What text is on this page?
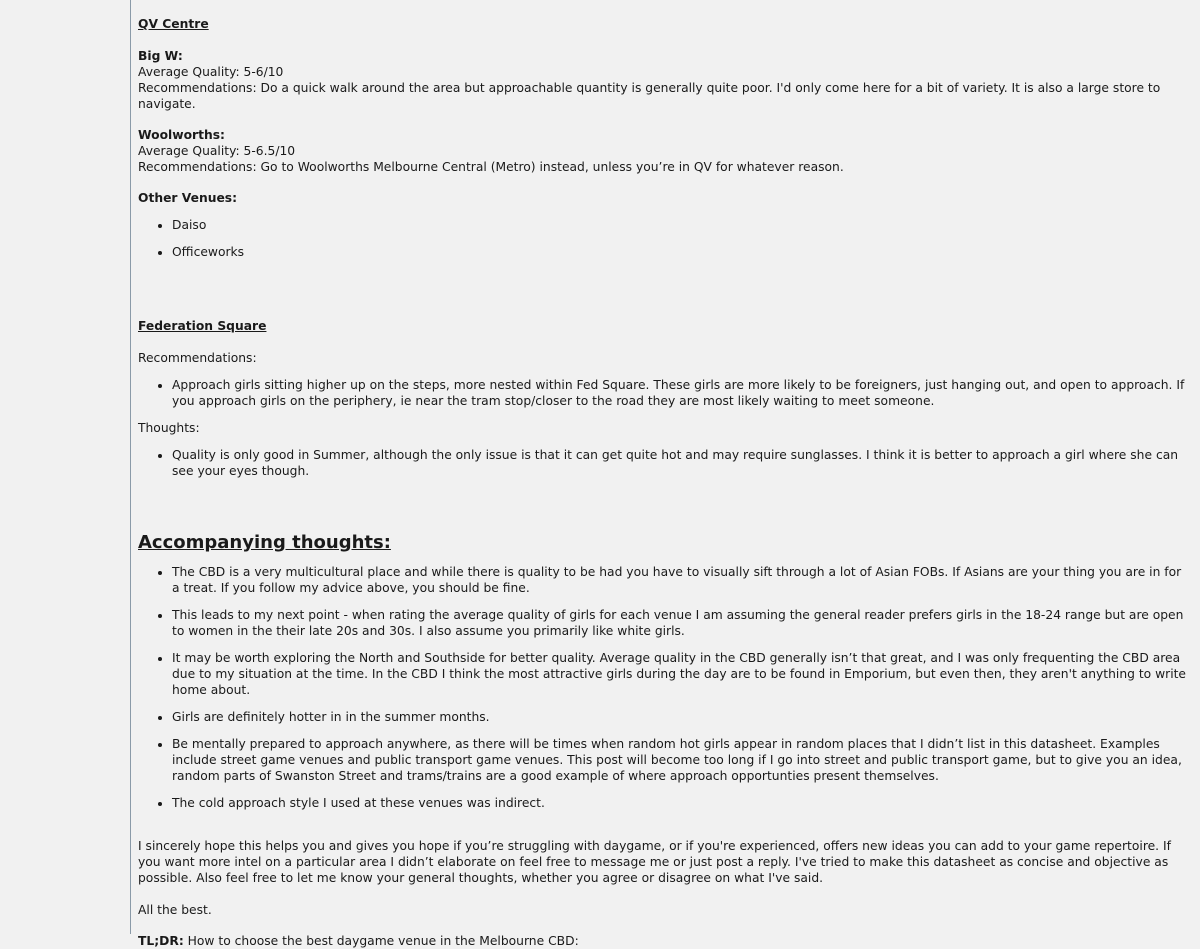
QV Centre

Big W:

Average Quality: 5-6/10

Recommendations: Do a quick walk around the area but approachable quantity is generally quite poor. I'd only come here for a bit of variety. It is also a large store to navigate.

Woolworths:

Average Quality: 5-6.5/10

Recommendations: Go to Woolworths Melbourne Central (Metro) instead, unless you’re in QV for whatever reason.

Other Venues:

• Daiso
• Officeworks

Federation Square

Recommendations:

• Approach girls sitting higher up on the steps, more nested within Fed Square. These girls are more likely to be foreigners, just hanging out, and open to approach. If you approach girls on the periphery, ie near the tram stop/closer to the road they are most likely waiting to meet someone.

Thoughts:

• Quality is only good in Summer, although the only issue is that it can get quite hot and may require sunglasses. I think it is better to approach a girl where she can see your eyes though.

Accompanying thoughts:

• The CBD is a very multicultural place and while there is quality to be had you have to visually sift through a lot of Asian FOBs. If Asians are your thing you are in for a treat. If you follow my advice above, you should be fine.
• This leads to my next point - when rating the average quality of girls for each venue I am assuming the general reader prefers girls in the 18-24 range but are open to women in the their late 20s and 30s. I also assume you primarily like white girls.
• It may be worth exploring the North and Southside for better quality. Average quality in the CBD generally isn’t that great, and I was only frequenting the CBD area due to my situation at the time. In the CBD I think the most attractive girls during the day are to be found in Emporium, but even then, they aren't anything to write home about.
• Girls are definitely hotter in in the summer months.
• Be mentally prepared to approach anywhere, as there will be times when random hot girls appear in random places that I didn’t list in this datasheet. Examples include street game venues and public transport game venues. This post will become too long if I go into street and public transport game, but to give you an idea, random parts of Swanston Street and trams/trains are a good example of where approach opportunties present themselves.
• The cold approach style I used at these venues was indirect.

I sincerely hope this helps you and gives you hope if you’re struggling with daygame, or if you're experienced, offers new ideas you can add to your game repertoire. If you want more intel on a particular area I didn’t elaborate on feel free to message me or just post a reply. I've tried to make this datasheet as concise and objective as possible. Also feel free to let me know your general thoughts, whether you agree or disagree on what I've said.

All the best.

TL;DR: How to choose the best daygame venue in the Melbourne CBD:
